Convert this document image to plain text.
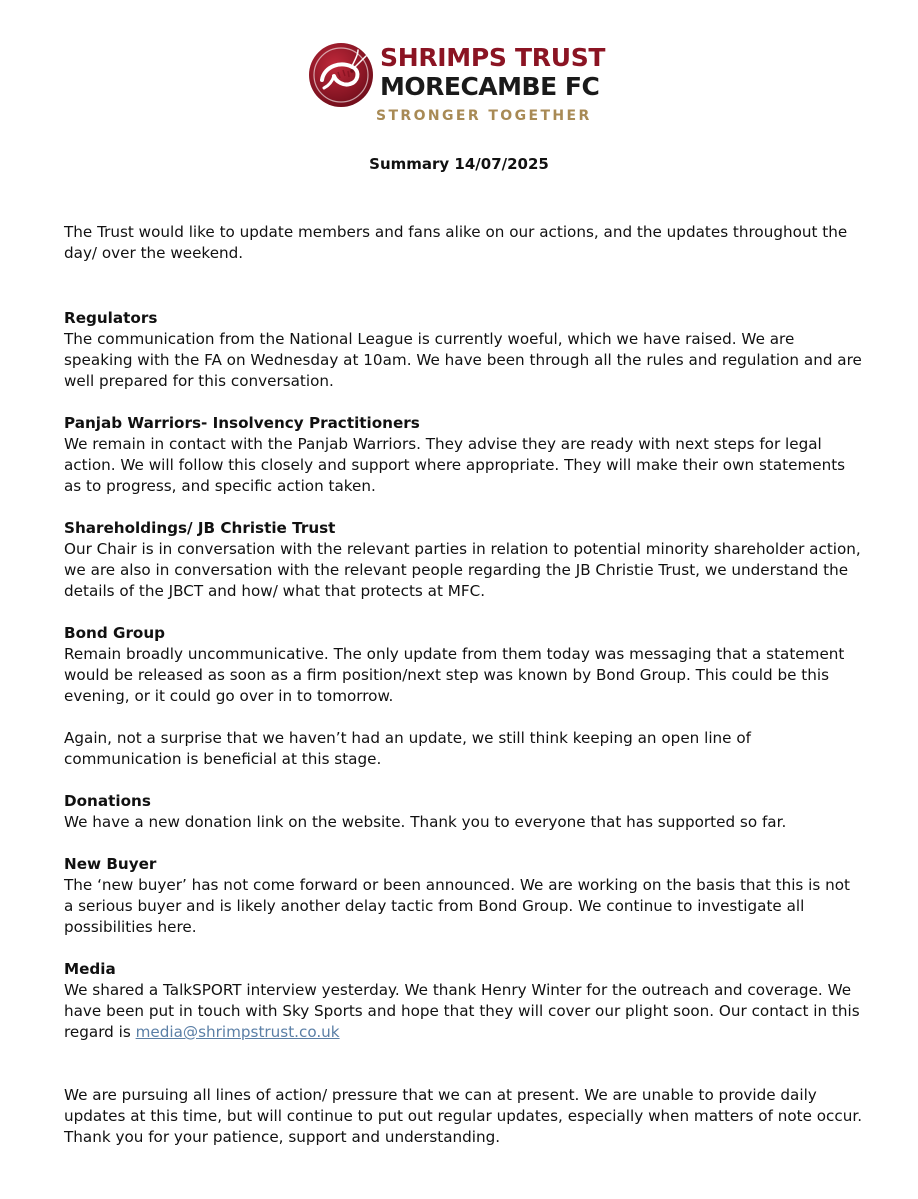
SHRIMPS TRUST
MORECAMBE FC
STRONGER TOGETHER
Summary 14/07/2025

The Trust would like to update members and fans alike on our actions, and the updates throughout the day/ over the weekend.

Regulators

The communication from the National League is currently woeful, which we have raised. We are speaking with the FA on Wednesday at 10am. We have been through all the rules and regulation and are well prepared for this conversation.

Panjab Warriors- Insolvency Practitioners

We remain in contact with the Panjab Warriors. They advise they are ready with next steps for legal action. We will follow this closely and support where appropriate. They will make their own statements as to progress, and specific action taken.

Shareholdings/ JB Christie Trust

Our Chair is in conversation with the relevant parties in relation to potential minority shareholder action, we are also in conversation with the relevant people regarding the JB Christie Trust, we understand the details of the JBCT and how/ what that protects at MFC.

Bond Group

Remain broadly uncommunicative. The only update from them today was messaging that a statement would be released as soon as a firm position/next step was known by Bond Group. This could be this evening, or it could go over in to tomorrow.

Again, not a surprise that we haven’t had an update, we still think keeping an open line of communication is beneficial at this stage.

Donations

We have a new donation link on the website. Thank you to everyone that has supported so far.

New Buyer

The ‘new buyer’ has not come forward or been announced. We are working on the basis that this is not a serious buyer and is likely another delay tactic from Bond Group. We continue to investigate all possibilities here.

Media

We shared a TalkSPORT interview yesterday. We thank Henry Winter for the outreach and coverage. We have been put in touch with Sky Sports and hope that they will cover our plight soon. Our contact in this regard is media@shrimpstrust.co.uk

We are pursuing all lines of action/ pressure that we can at present. We are unable to provide daily updates at this time, but will continue to put out regular updates, especially when matters of note occur. Thank you for your patience, support and understanding.
